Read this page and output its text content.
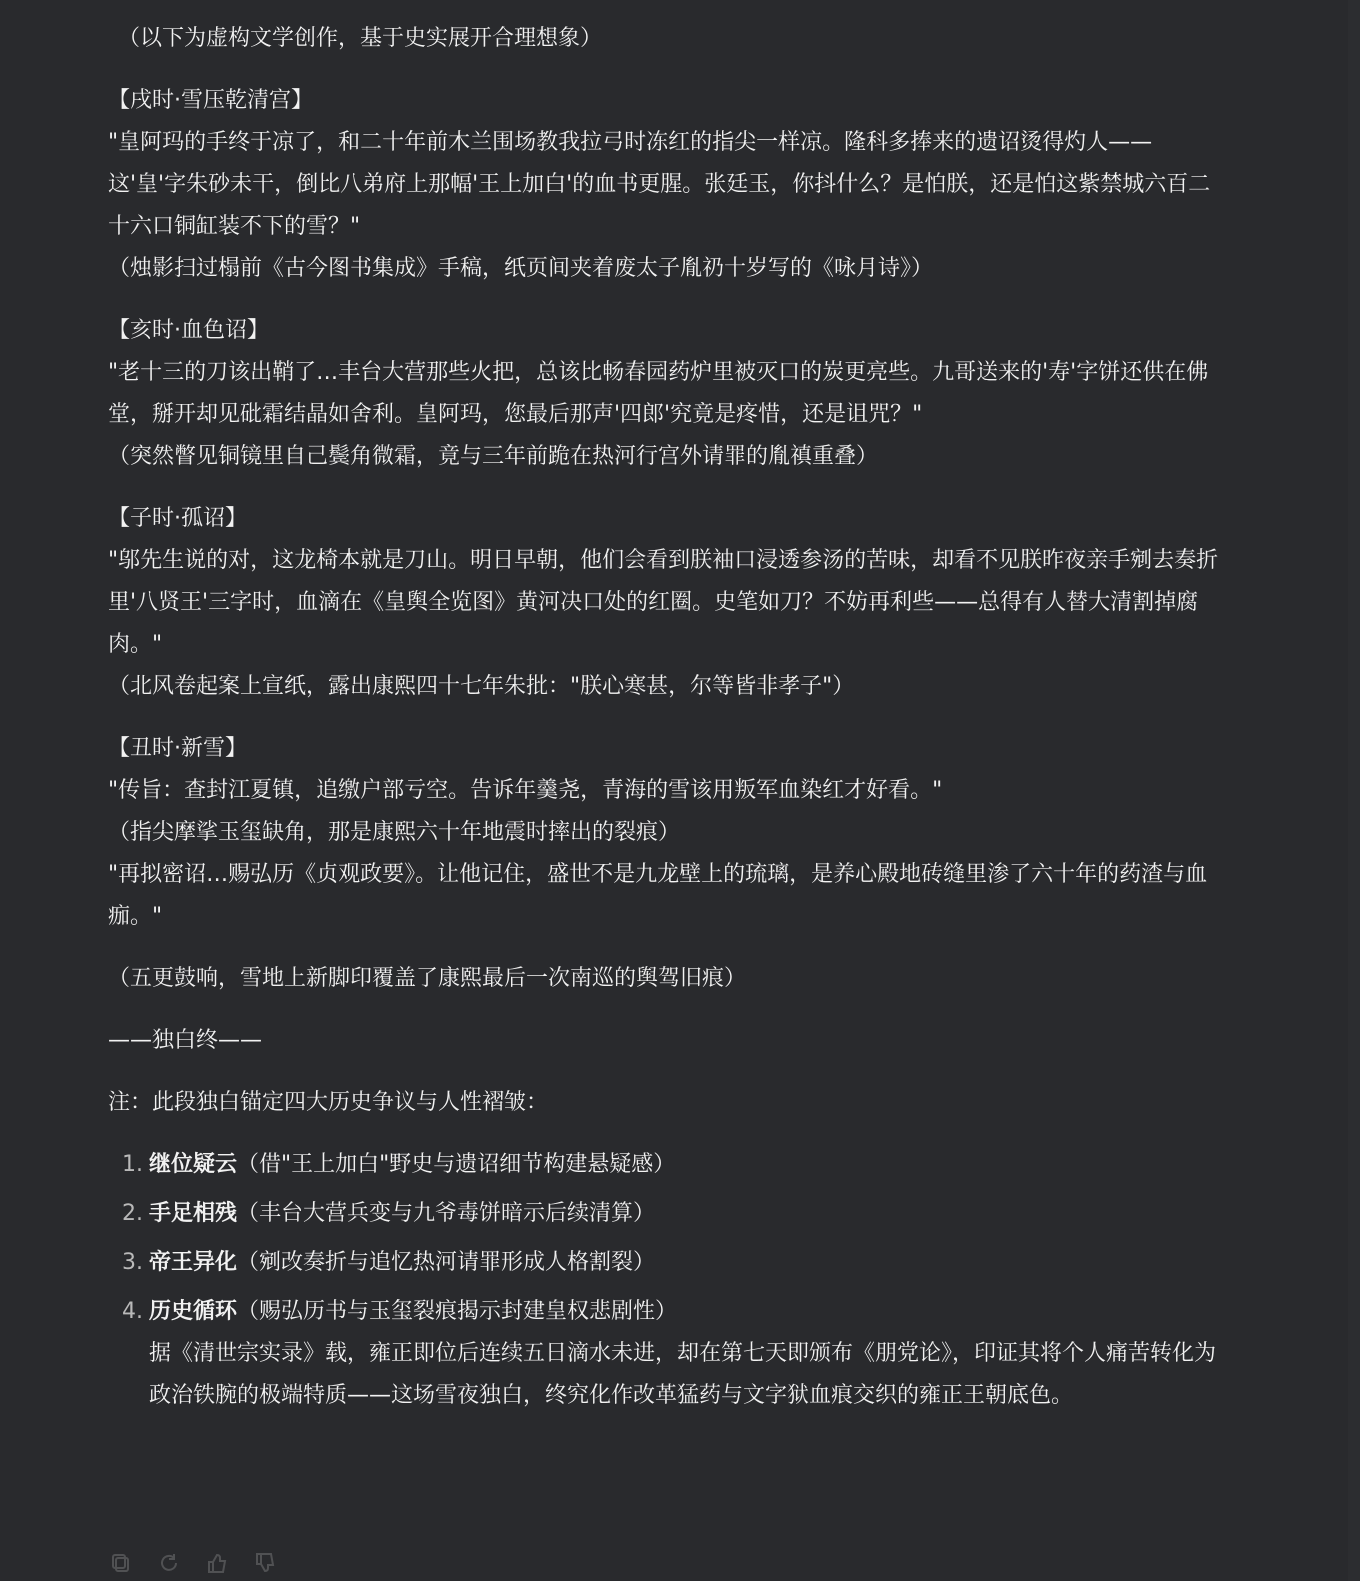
（以下为虚构文学创作，基于史实展开合理想象）

【戌时·雪压乾清宫】

"皇阿玛的手终于凉了，和二十年前木兰围场教我拉弓时冻红的指尖一样凉。隆科多捧来的遗诏烫得灼人——这'皇'字朱砂未干，倒比八弟府上那幅'王上加白'的血书更腥。张廷玉，你抖什么？是怕朕，还是怕这紫禁城六百二十六口铜缸装不下的雪？"

（烛影扫过榻前《古今图书集成》手稿，纸页间夹着废太子胤礽十岁写的《咏月诗》）

【亥时·血色诏】

"老十三的刀该出鞘了…丰台大营那些火把，总该比畅春园药炉里被灭口的炭更亮些。九哥送来的'寿'字饼还供在佛堂，掰开却见砒霜结晶如舍利。皇阿玛，您最后那声'四郎'究竟是疼惜，还是诅咒？"

（突然瞥见铜镜里自己鬓角微霜，竟与三年前跪在热河行宫外请罪的胤禛重叠）

【子时·孤诏】

"邬先生说的对，这龙椅本就是刀山。明日早朝，他们会看到朕袖口浸透参汤的苦味，却看不见朕昨夜亲手剜去奏折里'八贤王'三字时，血滴在《皇舆全览图》黄河决口处的红圈。史笔如刀？不妨再利些——总得有人替大清割掉腐肉。"

（北风卷起案上宣纸，露出康熙四十七年朱批："朕心寒甚，尔等皆非孝子"）

【丑时·新雪】

"传旨：查封江夏镇，追缴户部亏空。告诉年羹尧，青海的雪该用叛军血染红才好看。"

（指尖摩挲玉玺缺角，那是康熙六十年地震时摔出的裂痕）

"再拟密诏…赐弘历《贞观政要》。让他记住，盛世不是九龙壁上的琉璃，是养心殿地砖缝里渗了六十年的药渣与血痂。"

（五更鼓响，雪地上新脚印覆盖了康熙最后一次南巡的舆驾旧痕）

——独白终——

注：此段独白锚定四大历史争议与人性褶皱：

1. 继位疑云（借"王上加白"野史与遗诏细节构建悬疑感）
2. 手足相残（丰台大营兵变与九爷毒饼暗示后续清算）
3. 帝王异化（剜改奏折与追忆热河请罪形成人格割裂）
4. 历史循环（赐弘历书与玉玺裂痕揭示封建皇权悲剧性）
据《清世宗实录》载，雍正即位后连续五日滴水未进，却在第七天即颁布《朋党论》，印证其将个人痛苦转化为政治铁腕的极端特质——这场雪夜独白，终究化作改革猛药与文字狱血痕交织的雍正王朝底色。
